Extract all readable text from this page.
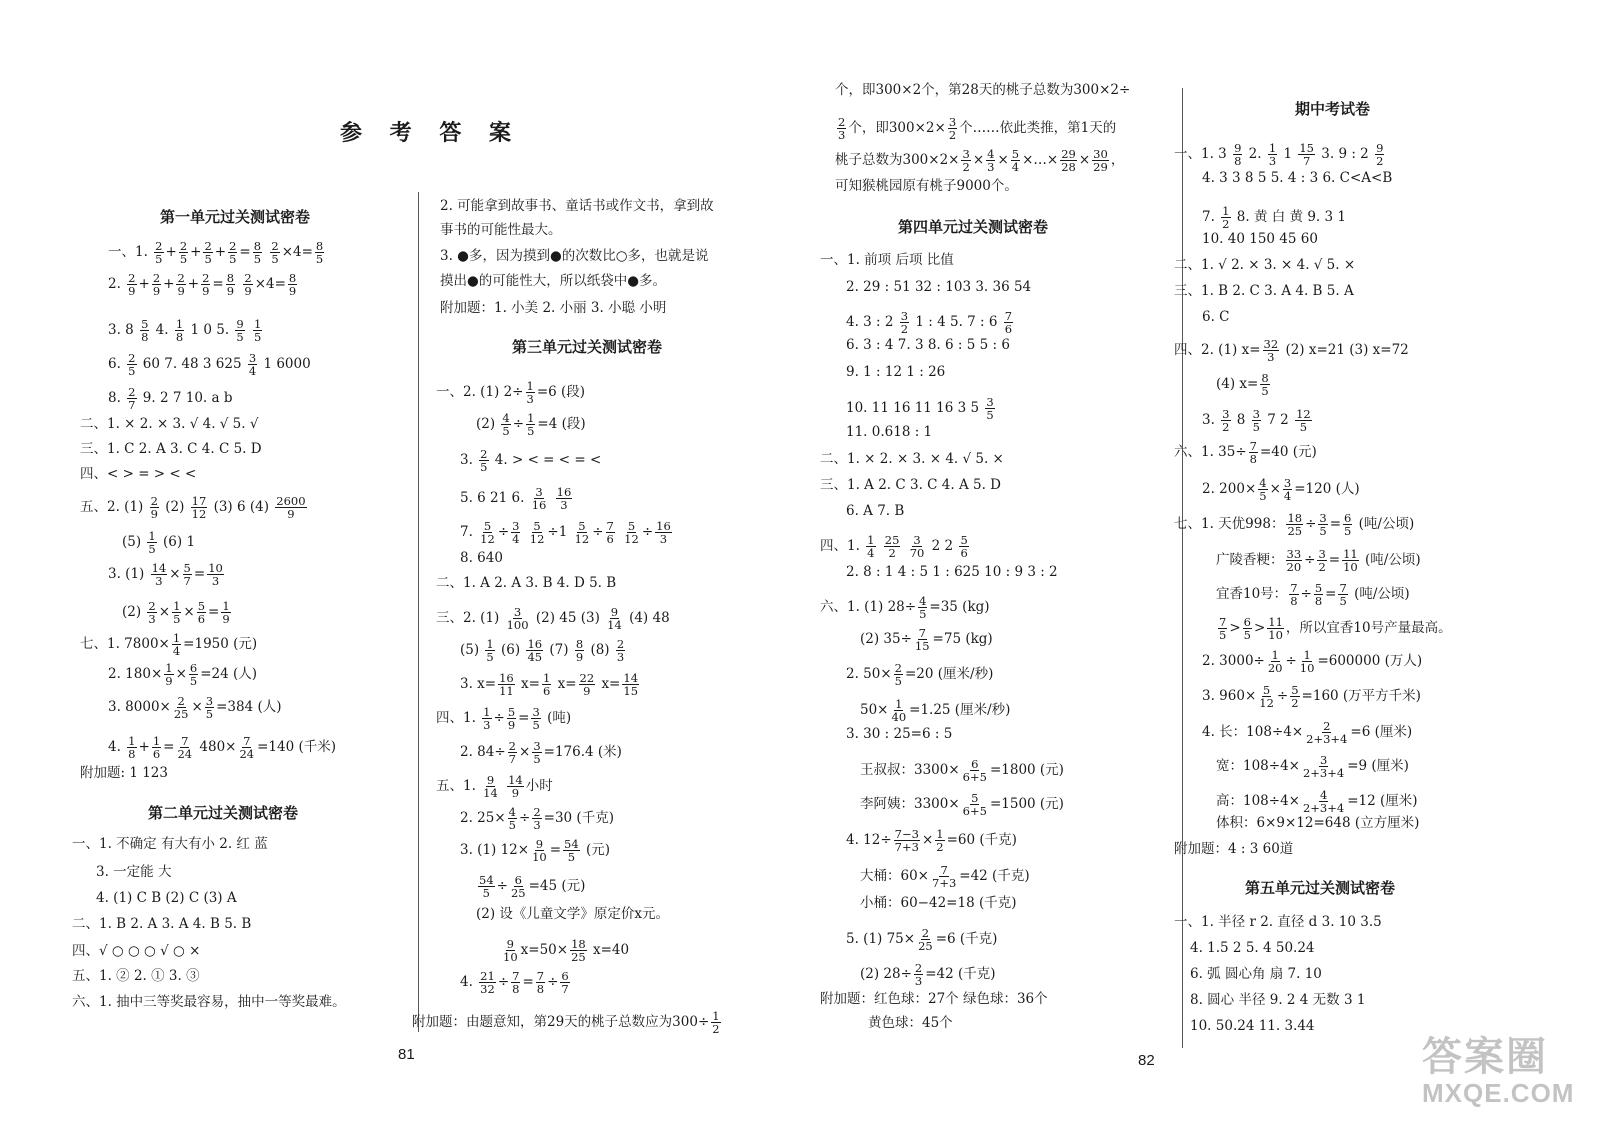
参 考 答 案
第一单元过关测试密卷
第二单元过关测试密卷
第三单元过关测试密卷
第四单元过关测试密卷
期中考试卷
第五单元过关测试密卷
一、1. $\frac{2}{5} + \frac{2}{5} + \frac{2}{5} + \frac{2}{5} = \frac{8}{5}$
$\frac{2}{5} \times 4= \frac{8}{5}$
2. $\frac{2}{9} + \frac{2}{9} + \frac{2}{9} + \frac{2}{9} = \frac{8}{9}$
$\frac{2}{9} \times 4= \frac{8}{9}$
3. $8 \frac{5}{8} 4$. $\frac{1}{8} 1$ 0 5. $\frac{9}{5}$
$\frac{1}{5}$
6. $\frac{2}{5} 60$ 7. 48 3 $625 \frac{3}{4} 1$ 6000
8. $\frac{2}{7} 9$. 2 7 10. a b
二、1. × 2. × 3. √ 4. √ 5. √
三、1. C 2. A 3. C 4. C 5. D
四、< > = > < <
五、2. $(1) \frac{2}{9} (2) \frac{17}{12} (3)$ 6 $(4) \frac{2600}{9}$
$(5) \frac{1}{5} (6)$ 1
3. $(1) \frac{14}{3} \times \frac{5}{7} = \frac{10}{3}$
$(2) \frac{2}{3} \times \frac{1}{5} \times \frac{5}{6} = \frac{1}{9}$
七、1. $7800\times \frac{1}{4} =1950$ (元)
2. $180\times \frac{1}{9} \times \frac{6}{5} =24$ (人)
3. $8000\times \frac{2}{25} \times \frac{3}{5} =384$ (人)
4. $\frac{1}{8} + \frac{1}{6} = \frac{7}{24} 480\times \frac{7}{24} =140$ (千米)
附加题: 1 123
一、1. 不确定 有大有小 2. 红 蓝
3. 一定能 大
4. (1) C B (2) C (3) A
二、1. B 2. A 3. A 4. B 5. B
四、√ ○ ○ ○ √ ○ ×
五、1. ② 2. ① 3. ③
六、1. 抽中三等奖最容易，抽中一等奖最难。
2. 可能拿到故事书、童话书或作文书，拿到故
事书的可能性最大。
3. ●多，因为摸到●的次数比○多，也就是说
摸出●的可能性大，所以纸袋中●多。
附加题：1. 小美 2. 小丽 3. 小聪 小明
一、2. (1) $2\div \frac{1}{3} =6$ (段)
$(2) \frac{4}{5} \div \frac{1}{5} =4$ (段)
3. $\frac{2}{5} 4$. > < = < = <
5. 6 21 6. $\frac{3}{16}$
$\frac{16}{3}$
7. $\frac{5}{12} \div \frac{3}{4}$
$\frac{5}{12} \div 1 \frac{5}{12} \div \frac{7}{6}$
$\frac{5}{12} \div \frac{16}{3}$
8. 640
二、1. A 2. A 3. B 4. D 5. B
三、2. $(1) \frac{3}{100} (2)$ 45 $(3) \frac{9}{14} (4)$ 48
$(5) \frac{1}{5} (6) \frac{16}{45} (7) \frac{8}{9} (8) \frac{2}{3}$
3. $x= \frac{16}{11} x= \frac{1}{6} x= \frac{22}{9} x= \frac{14}{15}$
四、1. $\frac{1}{3} \div \frac{5}{9} = \frac{3}{5}$ (吨)
2. $84\div \frac{2}{7} \times \frac{3}{5} =176.4$ (米)
五、1. $\frac{9}{14}$
$\frac{14}{9}$ 小时
2. $25\times \frac{4}{5} \div \frac{2}{3} =30$ (千克)
3. (1) $12\times \frac{9}{10} = \frac{54}{5}$ (元)
$\frac{54}{5} \div \frac{6}{25} =45$ (元)
(2) 设《儿童文学》原定价x元。
$\frac{9}{10} x=50\times \frac{18}{25} x=40$
4. $\frac{21}{32} \div \frac{7}{8} = \frac{7}{8} \div \frac{6}{7}$
附加题：由题意知，第29天的桃子总数应为$300\div \frac{1}{2}$
个，即300×2个，第28天的桃子总数为300×2÷
$\frac{2}{3}$ 个，即$300\times 2\times \frac{3}{2}$ 个……依此类推，第1天的
桃子总数为$300\times 2\times \frac{3}{2} \times \frac{4}{3} \times \frac{5}{4}$ ×…× $\frac{29}{28} \times \frac{30}{29}$ ，
可知猴桃园原有桃子9000个。
一、1. 前项 后项 比值
2. 29 : 51 32 : 103 3. 36 54
4. 3 : $2 \frac{3}{2} 1$ : 4 5. 7 : $6 \frac{7}{6}$
6. 3 : 4 7. 3 8. 6 : 5 5 : 6
9. 1 : 12 1 : 26
10. 11 16 11 16 3 $5 \frac{3}{5}$
11. 0.618 : 1
二、1. × 2. × 3. × 4. √ 5. ×
三、1. A 2. C 3. C 4. A 5. D
6. A 7. B
四、1. $\frac{1}{4}$
$\frac{25}{2}$
$\frac{3}{70} 2$ $2 \frac{5}{6}$
2. 8 : 1 4 : 5 1 : 625 10 : 9 3 : 2
六、1. (1) $28\div \frac{4}{5} =35$ (kg)
(2) $35\div \frac{7}{15} =75$ (kg)
2. $50\times \frac{2}{5} =20$ (厘米/秒)
$50\times \frac{1}{40} =1.25$ (厘米/秒)
3. 30 : 25=6 : 5
王叔叔：$3300\times \frac{6}{6+5} =1800$ (元)
李阿姨：$3300\times \frac{5}{6+5} =1500$ (元)
4. $12\div \frac{7-3}{7+3} \times \frac{1}{2} =60$ (千克)
大桶：$60\times \frac{7}{7+3} =42$ (千克)
小桶：60−42=18 (千克)
5. (1) $75\times \frac{2}{25} =6$ (千克)
(2) $28\div \frac{2}{3} =42$ (千克)
附加题：红色球：27个 绿色球：36个
黄色球：45个
一、1. $3 \frac{9}{8} 2$. $\frac{1}{3} 1 \frac{15}{7} 3$. 9 : $2 \frac{9}{2}$
4. 3 3 8 5 5. 4 : 3 6. C<A<B
7. $\frac{1}{2} 8$. 黄 白 黄 9. 3 1
10. 40 150 45 60
二、1. √ 2. × 3. × 4. √ 5. ×
三、1. B 2. C 3. A 4. B 5. A
6. C
四、2. (1) $x= \frac{32}{3} (2)$ x=21 (3) x=72
(4) $x= \frac{8}{5}$
3. $\frac{3}{2} 8 \frac{3}{5} 7$ $2 \frac{12}{5}$
六、1. $35\div \frac{7}{8} =40$ (元)
2. $200\times \frac{4}{5} \times \frac{3}{4} =120$ (人)
七、1. 天优998： $\frac{18}{25} \div \frac{3}{5} = \frac{6}{5}$ (吨/公顷)
广陵香粳： $\frac{33}{20} \div \frac{3}{2} = \frac{11}{10}$ (吨/公顷)
宜香10号： $\frac{7}{8} \div \frac{5}{8} = \frac{7}{5}$ (吨/公顷)
$\frac{7}{5} > \frac{6}{5} > \frac{11}{10}$ ，所以宜香10号产量最高。
2. $3000\div \frac{1}{20} \div \frac{1}{10} =600000$ (万人)
3. $960\times \frac{5}{12} \div \frac{5}{2} =160$ (万平方千米)
4. 长：$108\div 4\times \frac{2}{2+3+4} =6$ (厘米)
宽：$108\div 4\times \frac{3}{2+3+4} =9$ (厘米)
高：$108\div 4\times \frac{4}{2+3+4} =12$ (厘米)
体积：6×9×12=648 (立方厘米)
附加题：4 : 3 60道
一、1. 半径 r 2. 直径 d 3. 10 3.5
4. 1.5 2 5. 4 50.24
6. 弧 圆心角 扇 7. 10
8. 圆心 半径 9. 2 4 无数 3 1
10. 50.24 11. 3.44
81	82	答案圈
MXQE.COM
